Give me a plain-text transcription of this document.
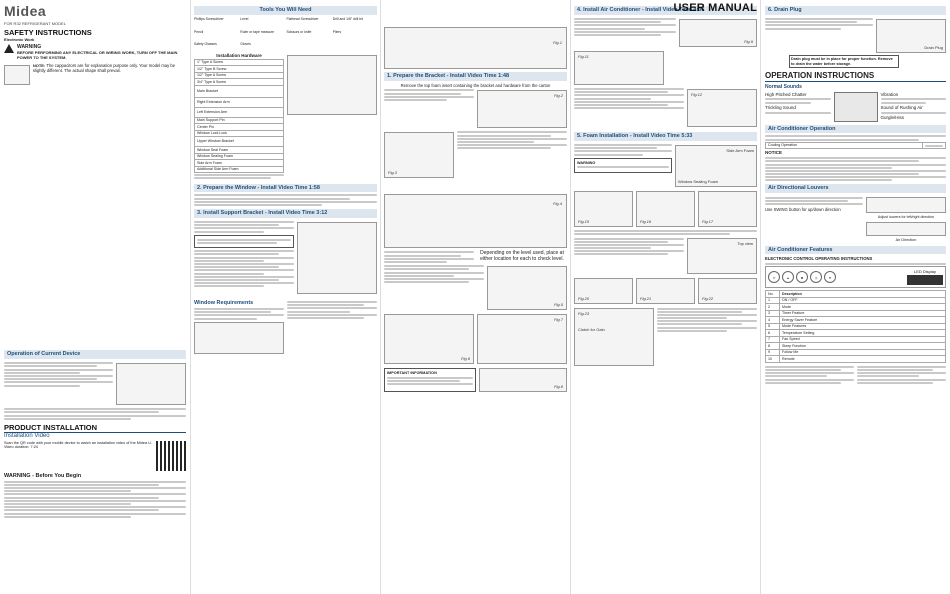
Midea
FOR R32 REFRIGERANT MODEL
SAFETY INSTRUCTIONS
Electronic Work
WARNING
BEFORE PERFORMING ANY ELECTRICAL OR WIRING WORK, TURN OFF THE MAIN POWER TO THE SYSTEM.
NOTE: The cappacitors are for explanation purpose only. Your model may be slightly different. The actual shape shall prevail.
Operation of Current Device
PRODUCT INSTALLATION
Installation Video
Scan the QR code with your mobile device to watch an installation video of the Midea U.
Video duration: 7:24
WARNING - Before You Begin
Tools You Will Need
Phillips Screwdriver	Level	Flathead Screwdriver	Drill and 1/8" drill bit
Pencil	Ruler or tape measure	Scissors or knife	Pliers
Safety Glasses	Gloves
Installation Hardware
1" Type A Screw
1/2" Type B Screw
1/2" Type A Screw
3/4" Type A Screw
Main Bracket
Right Extension Arm
Left Extension Arm
Main Support Pin
Center Pin
Window Lock Lock
Upper Window Bracket
Window Seal Foam
Window Sealing Foam
Side Arm Foam
Additional Side Arm Foam
2. Prepare the Window - Install Video Time 1:58
3. Install Support Bracket - Install Video Time 3:12
Window Requirements
Fig.1
1. Prepare the Bracket - Install Video Time 1:48
Remove the top foam insert containing the bracket and hardware from the carton
Fig.2
Fig.3
Fig.4
Depending on the level used, place at either location for each to check level.
Fig.5
Fig.6
Fig.7
IMPORTANT INFORMATION
Fig.8
4. Install Air Conditioner - Install Video Time 4:36
Fig.9
Fig.11
Fig.12
5. Foam Installation - Install Video Time 5:33
WARNING
Window Sealing Foam
Side Arm Foam
Fig.15	Fig.16	Fig.17
Top view
Fig.20	Fig.21	Fig.22
Clutch for Gain
Fig.23
USER MANUAL	6. Drain Plug
Drain Plug
Drain plug must be in place for proper function. Remove to drain the water before storage.
OPERATION INSTRUCTIONS
Normal Sounds
High Pitched Chatter
Trickling Sound
Vibration
Sound of Rushing Air
Gurgle/Hiss
Air Conditioner Operation
Cooling Operation	
NOTICE
Air Directional Louvers
Use SWING button for up/down direction
Adjust louvers for left/right direction
Air Direction
Air Conditioner Features
ELECTRONIC CONTROL OPERATING INSTRUCTIONS
⏻	▲	✱	◷	▼
LED Display
No.	Description
1	ON / OFF
2	Mode
3	Timer Feature
4	Energy Saver Feature
5	Mode Features
6	Temperature Setting
7	Fan Speed
8	Sleep Function
9	Follow Me
10	Remote
